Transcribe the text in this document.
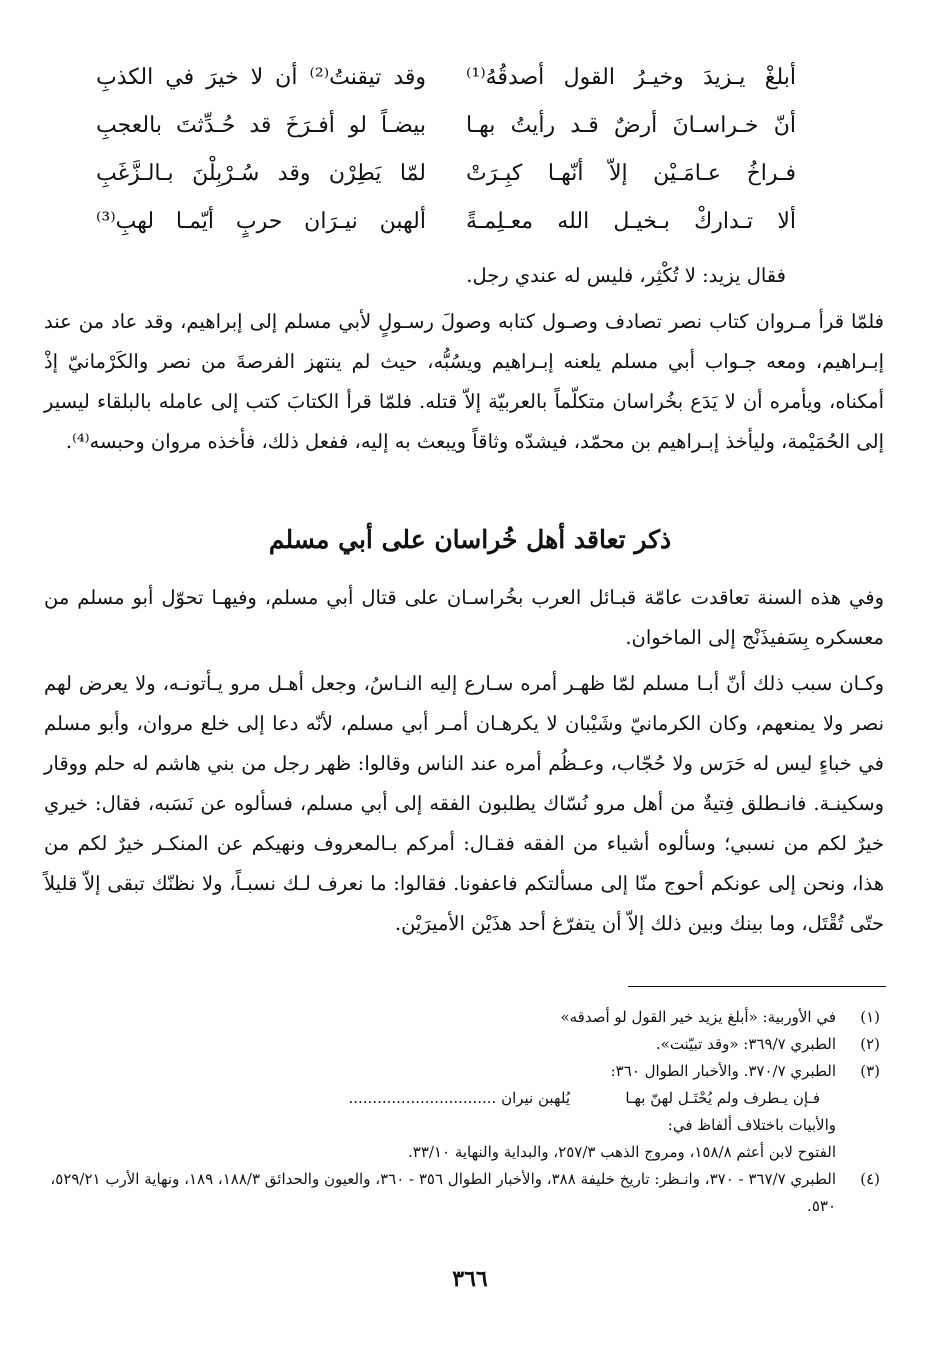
وقد تيقنتُ⁽²⁾ أن لا خيرَ في الكذبِ أبلغْ يـزيدَ وخيـرُ القول أصدقُهُ⁽¹⁾
بيضـاً لو أفـرَخَ قد حُـدِّثتَ بالعجبِ أنّ خـراسـانَ أرضٌ قـد رأيتُ بهـا
لمّا يَطِرْن وقد سُـرْبِلْنَ بـالـزَّغَبِ فـراخُ عـامَـيْن إلاّ أنّهـا كبِـرَتْ
ألهبن نيـرَان حربٍ أيّمـا لهبِ⁽³⁾ ألا تـداركْ بـخيـل الله معـلِمـةً
فقال يزيد: لا تُكْثِر، فليس له عندي رجل.
فلمّا قرأ مـروان كتاب نصر تصادف وصـول كتابه وصولَ رسـولٍ لأبي مسلم إلى إبراهيم، وقد عاد من عند إبـراهيم، ومعه جـواب أبي مسلم يلعنه إبـراهيم ويسُبُّه، حيث لم ينتهز الفرصةَ من نصر والكَرْمانيّ إذْ أمكناه، ويأمره أن لا يَدَع بخُراسان متكلّماً بالعربيّة إلاّ قتله. فلمّا قرأ الكتابَ كتب إلى عامله بالبلقاء ليسير إلى الحُمَيْمة، وليأخذ إبـراهيم بن محمّد، فيشدّه وثاقاً ويبعث به إليه، ففعل ذلك، فأخذه مروان وحبسه⁽⁴⁾.
ذكر تعاقد أهل خُراسان على أبي مسلم
وفي هذه السنة تعاقدت عامّة قبـائل العرب بخُراسـان على قتال أبي مسلم، وفيهـا تحوّل أبو مسلم من معسكره بِسَفيذَنْج إلى الماخوان.
وكـان سبب ذلك أنّ أبـا مسلم لمّا ظهـر أمره سـارع إليه النـاسُ، وجعل أهـل مرو يـأتونـه، ولا يعرض لهم نصر ولا يمنعهم، وكان الكرمانيّ وشَيْبان لا يكرهـان أمـر أبي مسلم، لأنّه دعا إلى خلع مروان، وأبو مسلم في خباءٍ ليس له حَرَس ولا حُجّاب، وعـظُم أمره عند الناس وقالوا: ظهر رجل من بني هاشم له حلم ووقار وسكينـة. فانـطلق فِتيةٌ من أهل مرو نُسّاك يطلبون الفقه إلى أبي مسلم، فسألوه عن نَسَبه، فقال: خيري خيرٌ لكم من نسبي؛ وسألوه أشياء من الفقه فقـال: أمركم بـالمعروف ونهيكم عن المنكـر خيرٌ لكم من هذا، ونحن إلى عونكم أحوج منّا إلى مسألتكم فاعفونا. فقالوا: ما نعرف لـك نسبـاً، ولا نظنّك تبقى إلاّ قليلاً حتّى تُقْتَل، وما بينك وبين ذلك إلاّ أن يتفرّغ أحد هذَيْن الأميرَيْن.
(١)
في الأوربية: «أبلغ يزيد خير القول لو أصدقه»
(٢)
الطبري ٣٦٩/٧: «وقد تبيّنت».
(٣)
الطبري ٣٧٠/٧. والأخبار الطوال ٣٦٠:
فـإن يـطرف ولم يُحْتَـل لهنّ بهـا
يُلهبن نيران ...............................
والأبيات باختلاف ألفاظ في:
الفتوح لابن أعثم ١٥٨/٨، ومروج الذهب ٢٥٧/٣، والبداية والنهاية ٣٣/١٠.
(٤)
الطبري ٣٦٧/٧ - ٣٧٠، وانـظر: تاريخ خليفة ٣٨٨، والأخبار الطوال ٣٥٦ - ٣٦٠، والعيون والحدائق ١٨٨/٣، ١٨٩، ونهاية الأرب ٥٢٩/٢١، ٥٣٠.
٣٦٦
